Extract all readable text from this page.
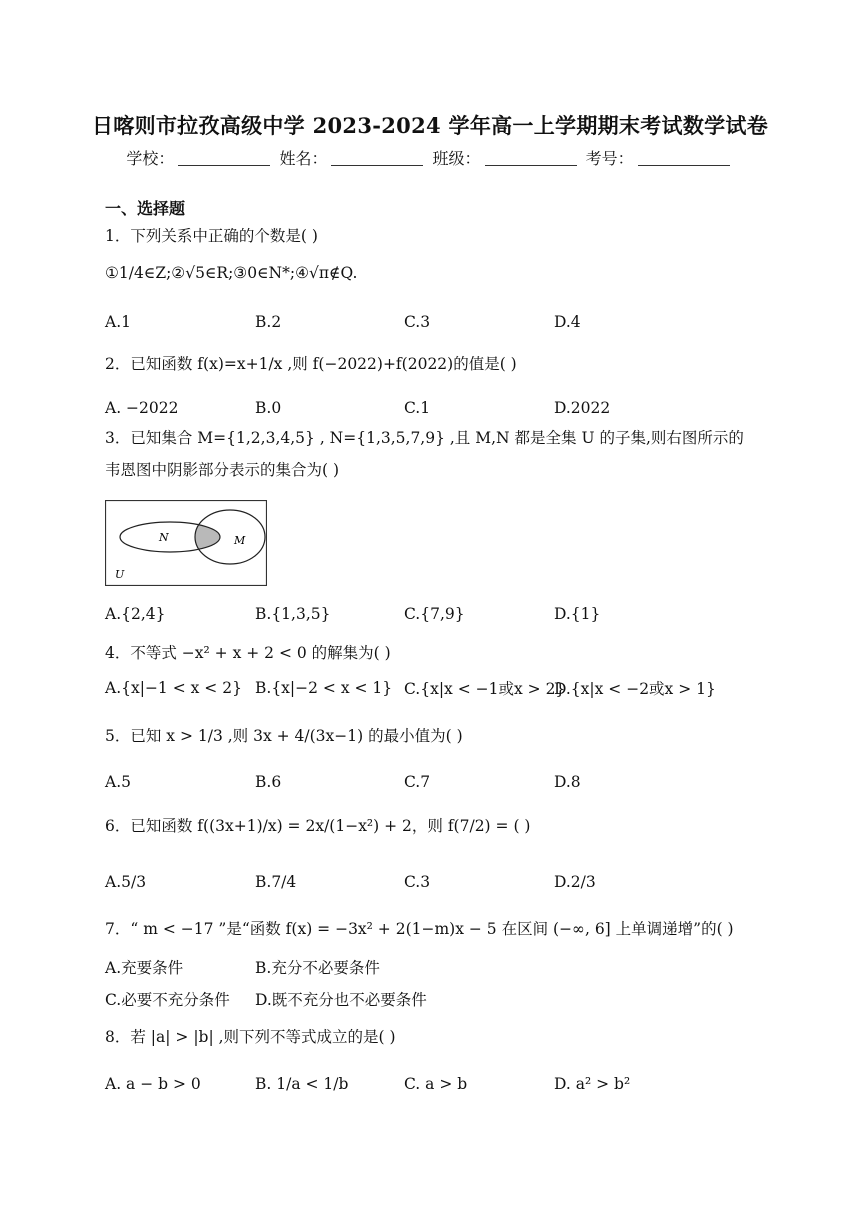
日喀则市拉孜高级中学 2023-2024 学年高一上学期期末考试数学试卷
学校：	姓名：	班级：	考号：
一、选择题
1．下列关系中正确的个数是( )
①1/4∈Z;②√5∈R;③0∈N*;④√π∉Q.
A.1	B.2	C.3	D.4
2．已知函数 f(x)=x+1/x ,则 f(−2022)+f(2022)的值是( )
A. −2022	B.0	C.1	D.2022
3．已知集合 M={1,2,3,4,5} , N={1,3,5,7,9} ,且 M,N 都是全集 U 的子集,则右图所示的韦恩图中阴影部分表示的集合为( )
N	M
U
A.{2,4}	B.{1,3,5}	C.{7,9}	D.{1}
4．不等式 −x² + x + 2 < 0 的解集为( )
A.{x|−1 < x < 2} B.{x|−2 < x < 1} C.{x|x < −1或x > 2}
D.{x|x < −2或x > 1}
5．已知 x > 1/3 ,则 3x + 4/(3x−1) 的最小值为( )
A.5	B.6	C.7	D.8
6．已知函数 f((3x+1)/x) = 2x/(1−x²) + 2，则 f(7/2) = ( )
A.5/3	B.7/4	C.3	D.2/3
7．“ m < −17 ”是“函数 f(x) = −3x² + 2(1−m)x − 5 在区间 (−∞, 6] 上单调递增”的( )
A.充要条件	B.充分不必要条件
C.必要不充分条件 D.既不充分也不必要条件
8．若 |a| > |b| ,则下列不等式成立的是( )
A. a − b > 0	B. 1/a < 1/b	C. a > b	D. a² > b²
